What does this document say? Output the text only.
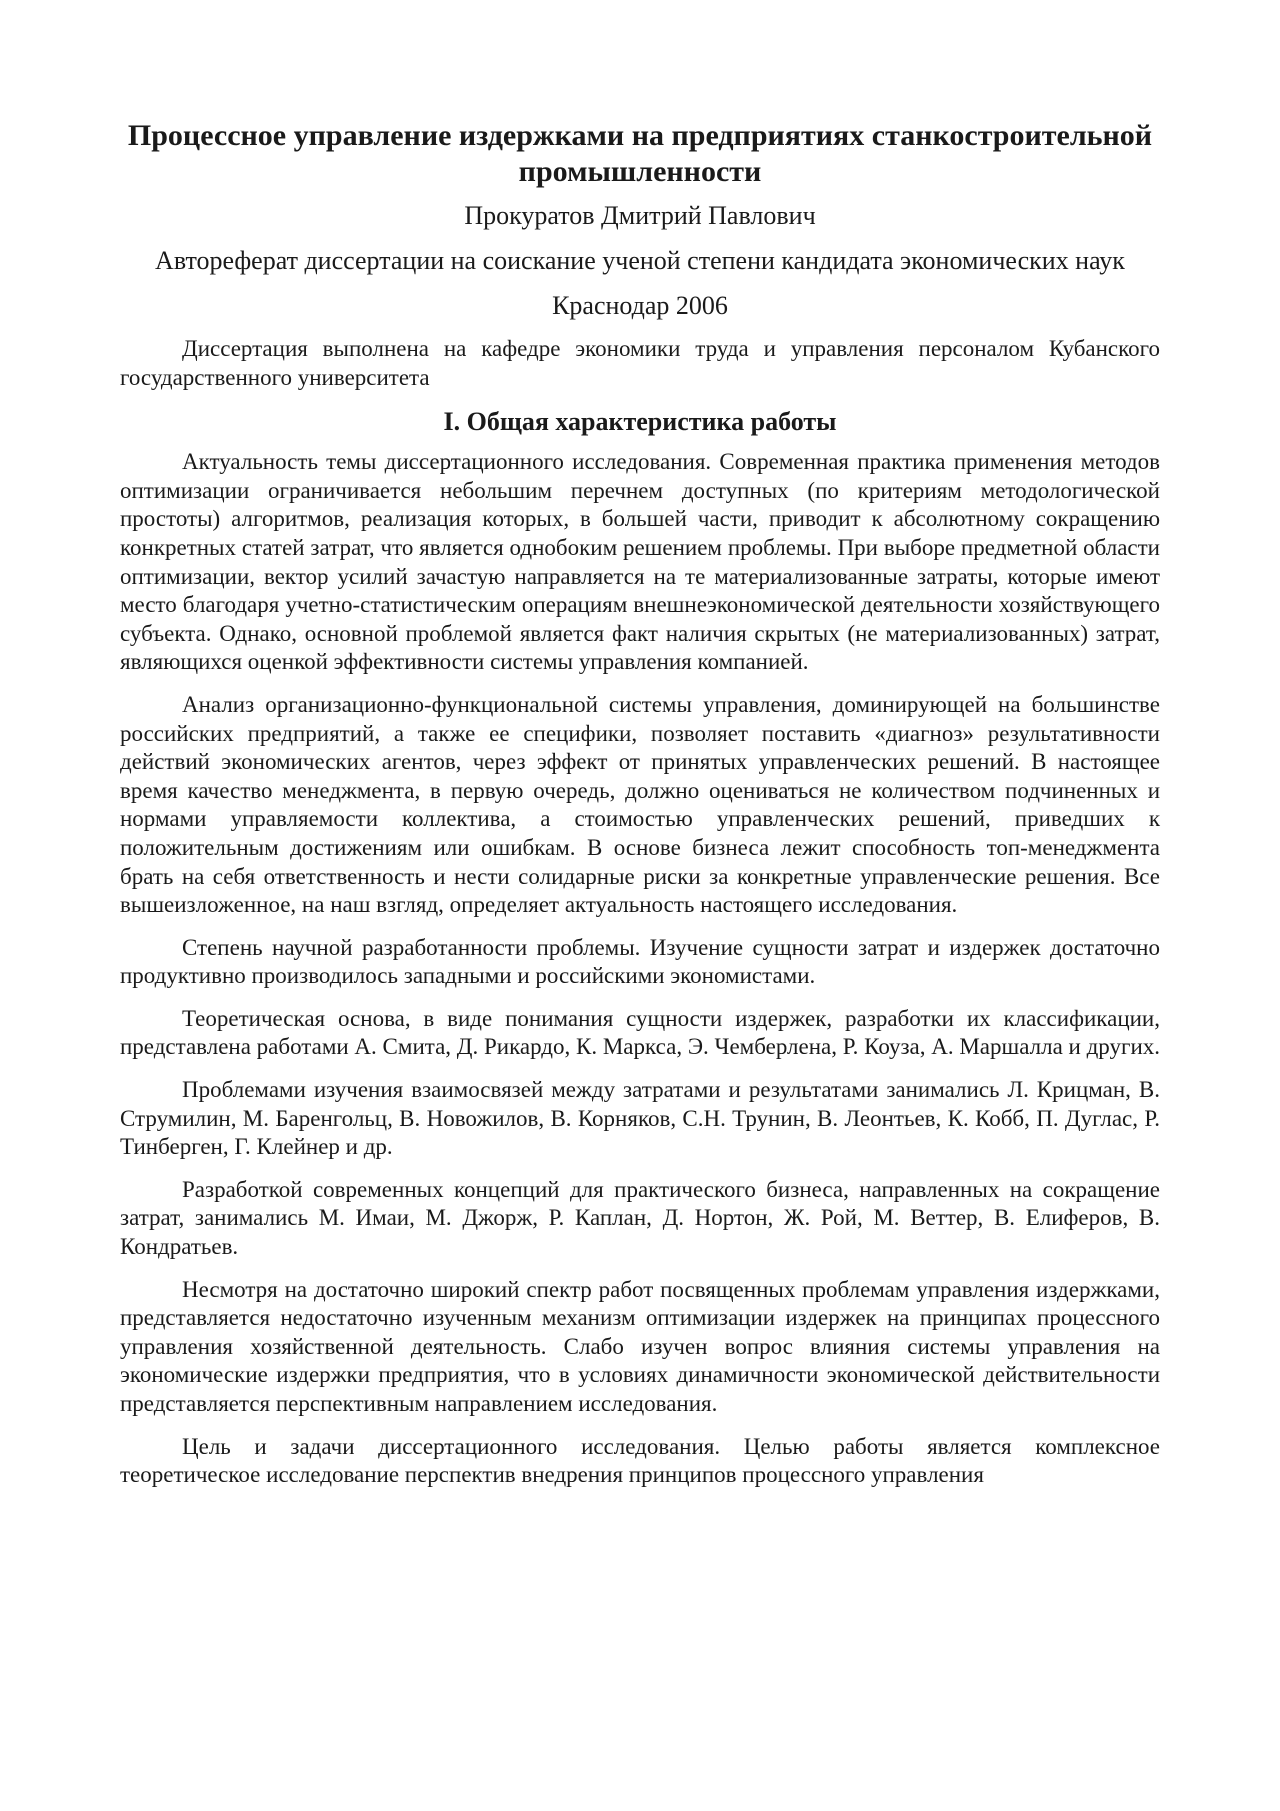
Процессное управление издержками на предприятиях станкостроительной промышленности

Прокуратов Дмитрий Павлович

Автореферат диссертации на соискание ученой степени кандидата экономических наук

Краснодар 2006

Диссертация выполнена на кафедре экономики труда и управления персоналом Кубанского государственного университета

I. Общая характеристика работы

Актуальность темы диссертационного исследования. Современная практика применения методов оптимизации ограничивается небольшим перечнем доступных (по критериям методологической простоты) алгоритмов, реализация которых, в большей части, приводит к абсолютному сокращению конкретных статей затрат, что является однобоким решением проблемы. При выборе предметной области оптимизации, вектор усилий зачастую направляется на те материализованные затраты, которые имеют место благодаря учетно-статистическим операциям внешнеэкономической деятельности хозяйствующего субъекта. Однако, основной проблемой является факт наличия скрытых (не материализованных) затрат, являющихся оценкой эффективности системы управления компанией.

Анализ организационно-функциональной системы управления, доминирующей на большинстве российских предприятий, а также ее специфики, позволяет поставить «диагноз» результативности действий экономических агентов, через эффект от принятых управленческих решений. В настоящее время качество менеджмента, в первую очередь, должно оцениваться не количеством подчиненных и нормами управляемости коллектива, а стоимостью управленческих решений, приведших к положительным достижениям или ошибкам. В основе бизнеса лежит способность топ-менеджмента брать на себя ответственность и нести солидарные риски за конкретные управленческие решения. Все вышеизложенное, на наш взгляд, определяет актуальность настоящего исследования.

Степень научной разработанности проблемы. Изучение сущности затрат и издержек достаточно продуктивно производилось западными и российскими экономистами.

Теоретическая основа, в виде понимания сущности издержек, разработки их классификации, представлена работами А. Смита, Д. Рикардо, К. Маркса, Э. Чемберлена, Р. Коуза, А. Маршалла и других.

Проблемами изучения взаимосвязей между затратами и результатами занимались Л. Крицман, В. Струмилин, М. Баренгольц, В. Новожилов, В. Корняков, С.Н. Трунин, В. Леонтьев, К. Кобб, П. Дуглас, Р. Тинберген, Г. Клейнер и др.

Разработкой современных концепций для практического бизнеса, направленных на сокращение затрат, занимались М. Имаи, М. Джорж, Р. Каплан, Д. Нортон, Ж. Рой, М. Веттер, В. Елиферов, В. Кондратьев.

Несмотря на достаточно широкий спектр работ посвященных проблемам управления издержками, представляется недостаточно изученным механизм оптимизации издержек на принципах процессного управления хозяйственной деятельность. Слабо изучен вопрос влияния системы управления на экономические издержки предприятия, что в условиях динамичности экономической действительности представляется перспективным направлением исследования.

Цель и задачи диссертационного исследования. Целью работы является комплексное теоретическое исследование перспектив внедрения принципов процессного управления
